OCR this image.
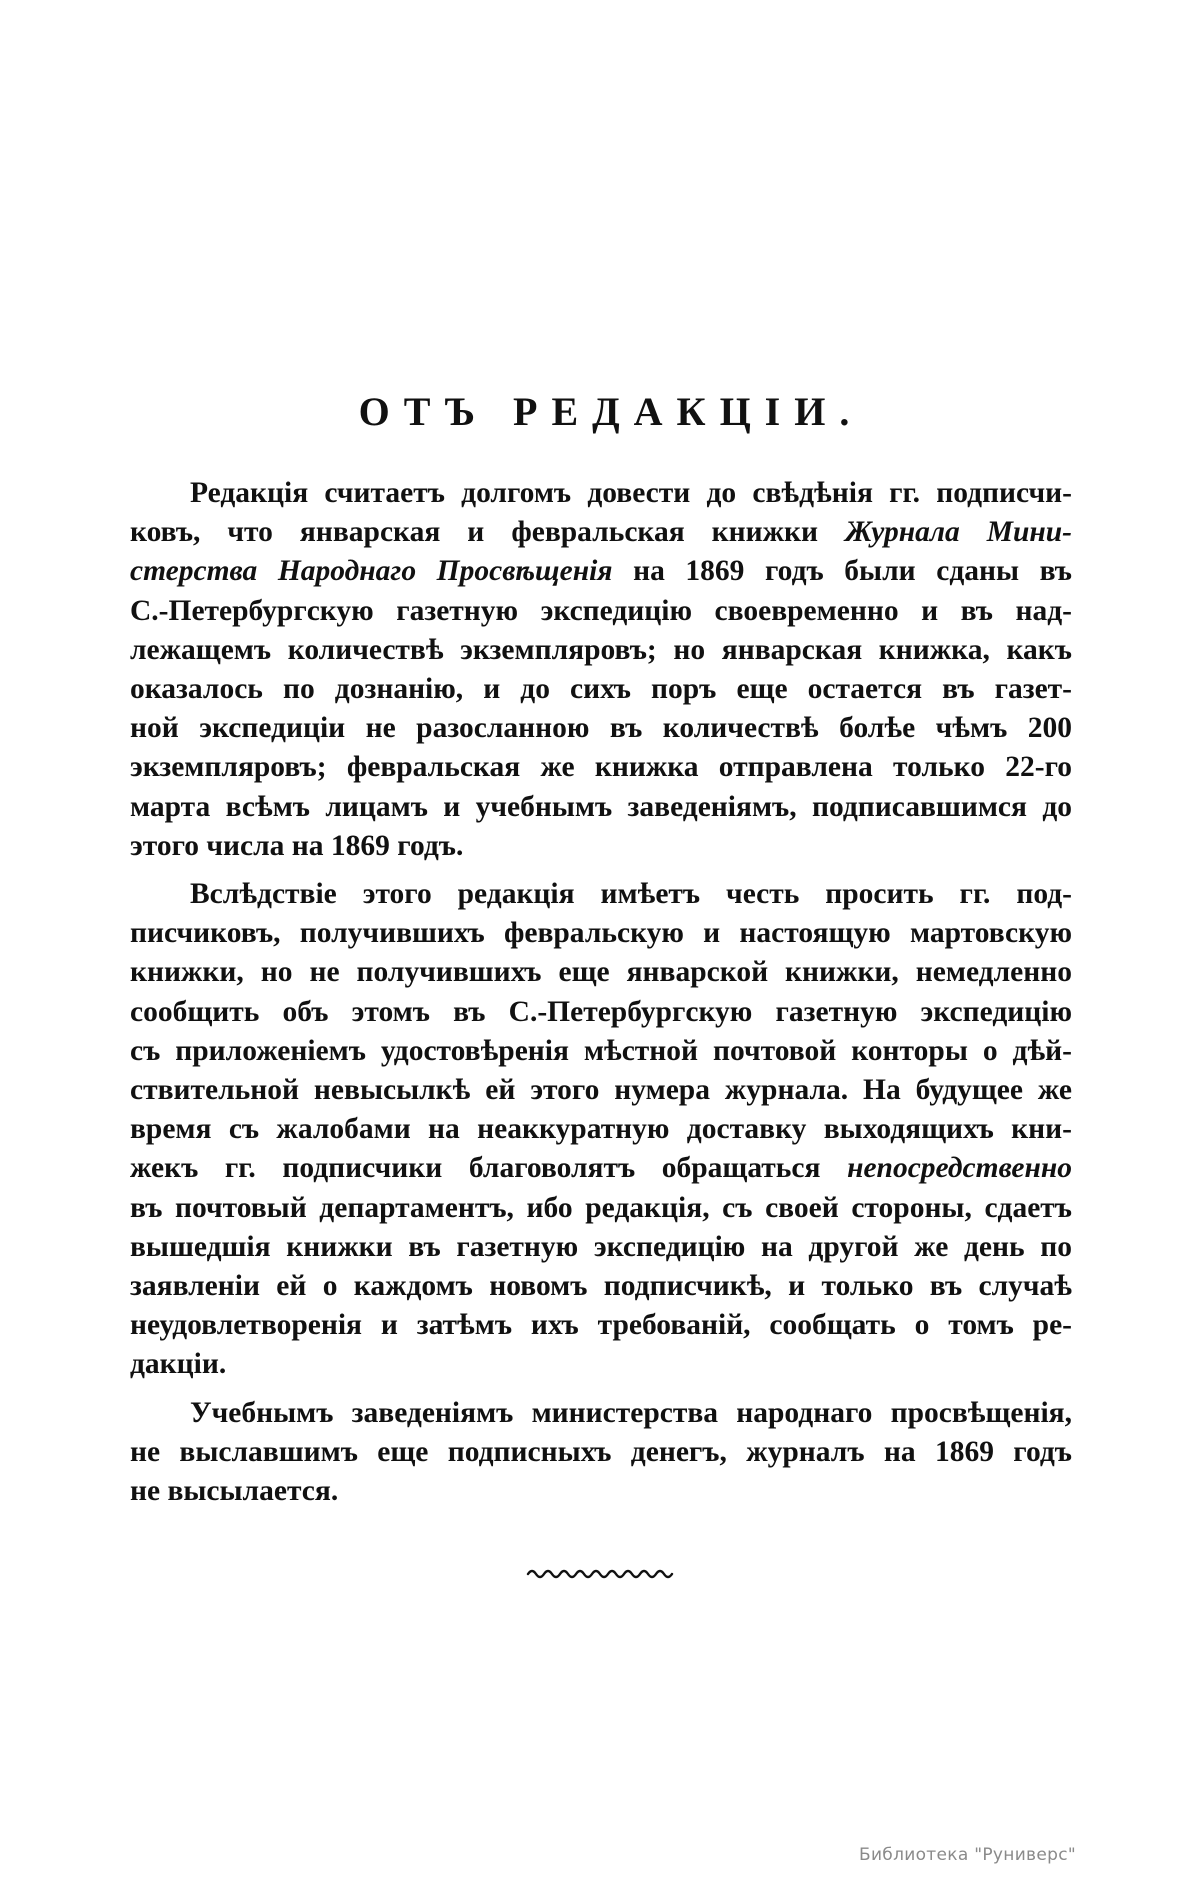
ОТЪ РЕДАКЦІИ.
Редакція считаетъ долгомъ довести до свѣдѣнія гг. подписчи-
ковъ, что январская и февральская книжки Журнала Мини-
стерства Народнаго Просвѣщенія на 1869 годъ были сданы въ
С.-Петербургскую газетную экспедицію своевременно и въ над-
лежащемъ количествѣ экземпляровъ; но январская книжка, какъ
оказалось по дознанію, и до сихъ поръ еще остается въ газет-
ной экспедиціи не разосланною въ количествѣ болѣе чѣмъ 200
экземпляровъ; февральская же книжка отправлена только 22-го
марта всѣмъ лицамъ и учебнымъ заведеніямъ, подписавшимся до
этого числа на 1869 годъ.
Вслѣдствіе этого редакція имѣетъ честь просить гг. под-
писчиковъ, получившихъ февральскую и настоящую мартовскую
книжки, но не получившихъ еще январской книжки, немедленно
сообщить объ этомъ въ С.-Петербургскую газетную экспедицію
съ приложеніемъ удостовѣренія мѣстной почтовой конторы о дѣй-
ствительной невысылкѣ ей этого нумера журнала. На будущее же
время съ жалобами на неаккуратную доставку выходящихъ кни-
жекъ гг. подписчики благоволятъ обращаться непосредственно
въ почтовый департаментъ, ибо редакція, съ своей стороны, сдаетъ
вышедшія книжки въ газетную экспедицію на другой же день по
заявленіи ей о каждомъ новомъ подписчикѣ, и только въ случаѣ
неудовлетворенія и затѣмъ ихъ требованій, сообщать о томъ ре-
дакціи.
Учебнымъ заведеніямъ министерства народнаго просвѣщенія,
не выславшимъ еще подписныхъ денегъ, журналъ на 1869 годъ
не высылается.
Библиотека "Руниверс"
